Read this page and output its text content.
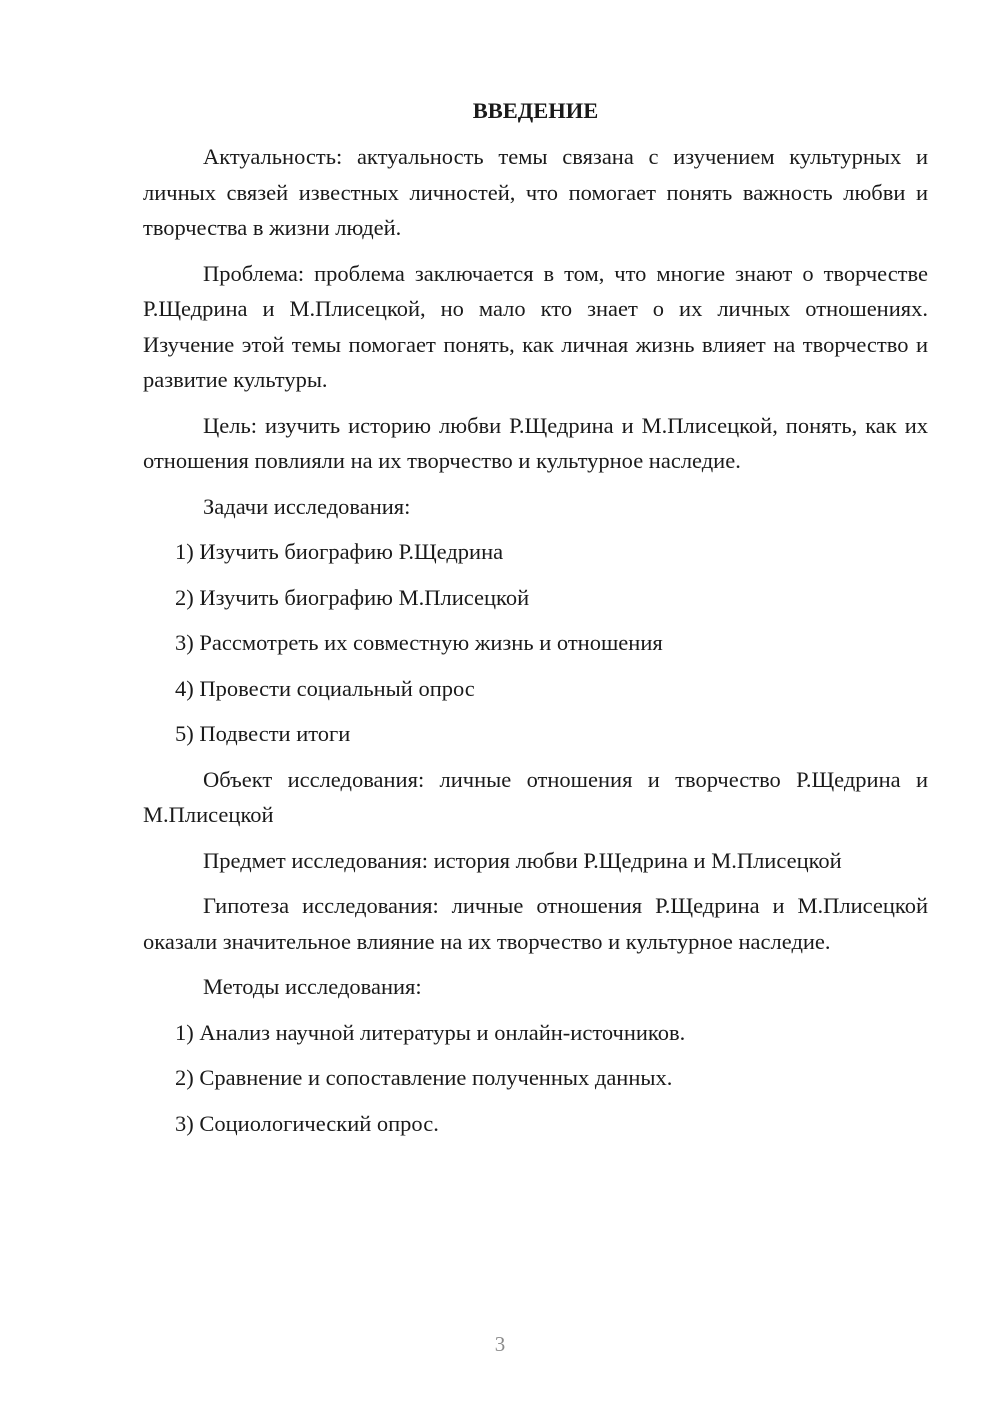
ВВЕДЕНИЕ

Актуальность: актуальность темы связана с изучением культурных и личных связей известных личностей, что помогает понять важность любви и творчества в жизни людей.

Проблема: проблема заключается в том, что многие знают о творчестве Р.Щедрина и М.Плисецкой, но мало кто знает о их личных отношениях. Изучение этой темы помогает понять, как личная жизнь влияет на творчество и развитие культуры.

Цель: изучить историю любви Р.Щедрина и М.Плисецкой, понять, как их отношения повлияли на их творчество и культурное наследие.

Задачи исследования:

1) Изучить биографию Р.Щедрина
2) Изучить биографию М.Плисецкой
3) Рассмотреть их совместную жизнь и отношения
4) Провести социальный опрос
5) Подвести итоги

Объект исследования: личные отношения и творчество Р.Щедрина и М.Плисецкой

Предмет исследования: история любви Р.Щедрина и М.Плисецкой

Гипотеза исследования: личные отношения Р.Щедрина и М.Плисецкой оказали значительное влияние на их творчество и культурное наследие.

Методы исследования:

1) Анализ научной литературы и онлайн-источников.
2) Сравнение и сопоставление полученных данных.
3) Социологический опрос.
3
